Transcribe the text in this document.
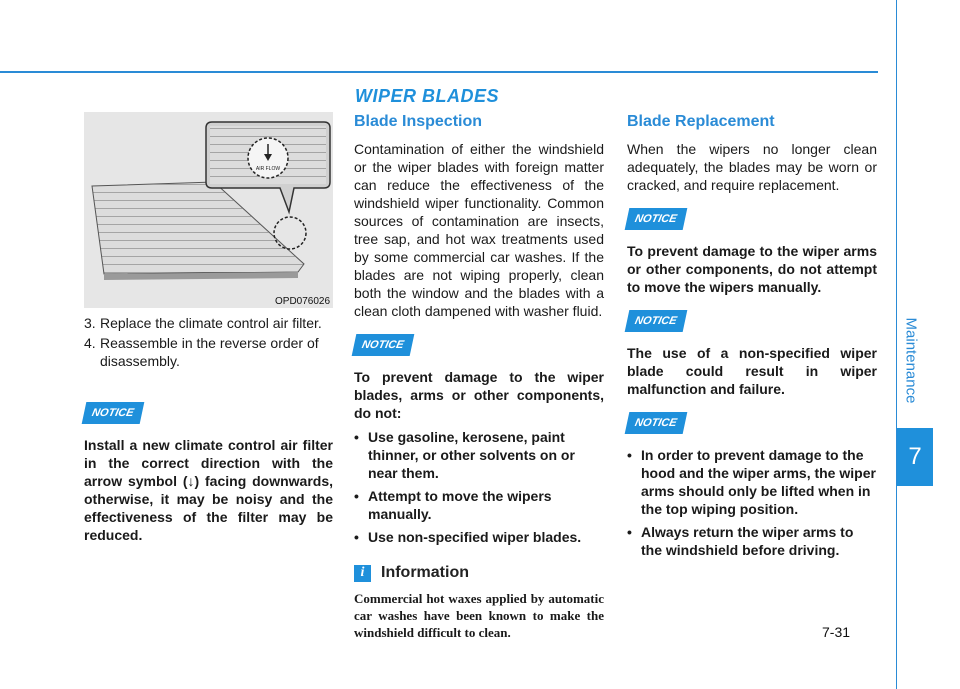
Maintenance
7
7-31
WIPER BLADES
AIR FLOW
OPD076026
3. Replace the climate control air filter.
4. Reassemble in the reverse order of disassembly.
NOTICE

Install a new climate control air filter in the correct direction with the arrow symbol (↓) facing downwards, otherwise, it may be noisy and the effectiveness of the filter may be reduced.

Blade Inspection

Contamination of either the windshield or the wiper blades with foreign matter can reduce the effectiveness of the windshield wiper functionality. Common sources of contamination are insects, tree sap, and hot wax treatments used by some commercial car washes. If the blades are not wiping properly, clean both the window and the blades with a clean cloth dampened with washer fluid.

NOTICE

To prevent damage to the wiper blades, arms or other components, do not:

• Use gasoline, kerosene, paint thinner, or other solvents on or near them.
• Attempt to move the wipers manually.
• Use non-specified wiper blades.
i	Information

Commercial hot waxes applied by automatic car washes have been known to make the windshield difficult to clean.

Blade Replacement

When the wipers no longer clean adequately, the blades may be worn or cracked, and require replacement.

NOTICE

To prevent damage to the wiper arms or other components, do not attempt to move the wipers manually.

NOTICE

The use of a non-specified wiper blade could result in wiper malfunction and failure.

NOTICE
• In order to prevent damage to the hood and the wiper arms, the wiper arms should only be lifted when in the top wiping position.
• Always return the wiper arms to the windshield before driving.
